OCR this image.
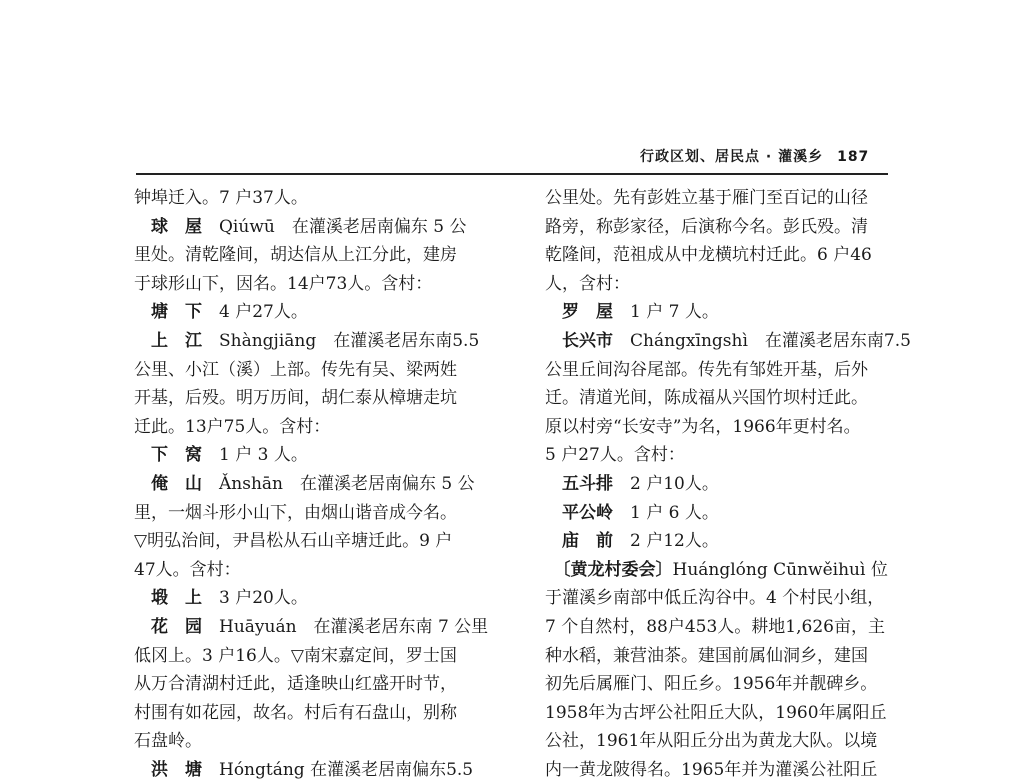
行政区划、居民点 · 灌溪乡 187
钟埠迁入。7 户37人。
　球　屋　Qiúwū　在灌溪老居南偏东 5 公
里处。清乾隆间，胡达信从上江分此，建房
于球形山下，因名。14户73人。含村：
　塘　下　4 户27人。
　上　江　Shàngjiāng　在灌溪老居东南5.5
公里、小江（溪）上部。传先有吴、梁两姓
开基，后殁。明万历间，胡仁泰从樟塘走坑
迁此。13户75人。含村：
　下　窝　1 户 3 人。
　俺　山　Ǎnshān　在灌溪老居南偏东 5 公
里，一烟斗形小山下，由烟山谐音成今名。
▽明弘治间，尹昌松从石山辛塘迁此。9 户
47人。含村：
　塅　上　3 户20人。
　花　园　Huāyuán　在灌溪老居东南 7 公里
低冈上。3 户16人。▽南宋嘉定间，罗士国
从万合清湖村迁此，适逢映山红盛开时节，
村围有如花园，故名。村后有石盘山，别称
石盘岭。
　洪　塘　Hóngtáng 在灌溪老居南偏东5.5
公里处。先有彭姓立基于雁门至百记的山径
路旁，称彭家径，后演称今名。彭氏殁。清
乾隆间，范祖成从中龙横坑村迁此。6 户46
人，含村：
　罗　屋　1 户 7 人。
　长兴市　Chángxīngshì　在灌溪老居东南7.5
公里丘间沟谷尾部。传先有邹姓开基，后外
迁。清道光间，陈成福从兴国竹坝村迁此。
原以村旁“长安寺”为名，1966年更村名。
5 户27人。含村：
　五斗排　2 户10人。
　平公岭　1 户 6 人。
　庙　前　2 户12人。
　〔黄龙村委会〕Huánglóng Cūnwěihuì 位
于灌溪乡南部中低丘沟谷中。4 个村民小组，
7 个自然村，88户453人。耕地1,626亩，主
种水稻，兼营油茶。建国前属仙洞乡，建国
初先后属雁门、阳丘乡。1956年并靓碑乡。
1958年为古坪公社阳丘大队，1960年属阳丘
公社，1961年从阳丘分出为黄龙大队。以境
内一黄龙陂得名。1965年并为灌溪公社阳丘
